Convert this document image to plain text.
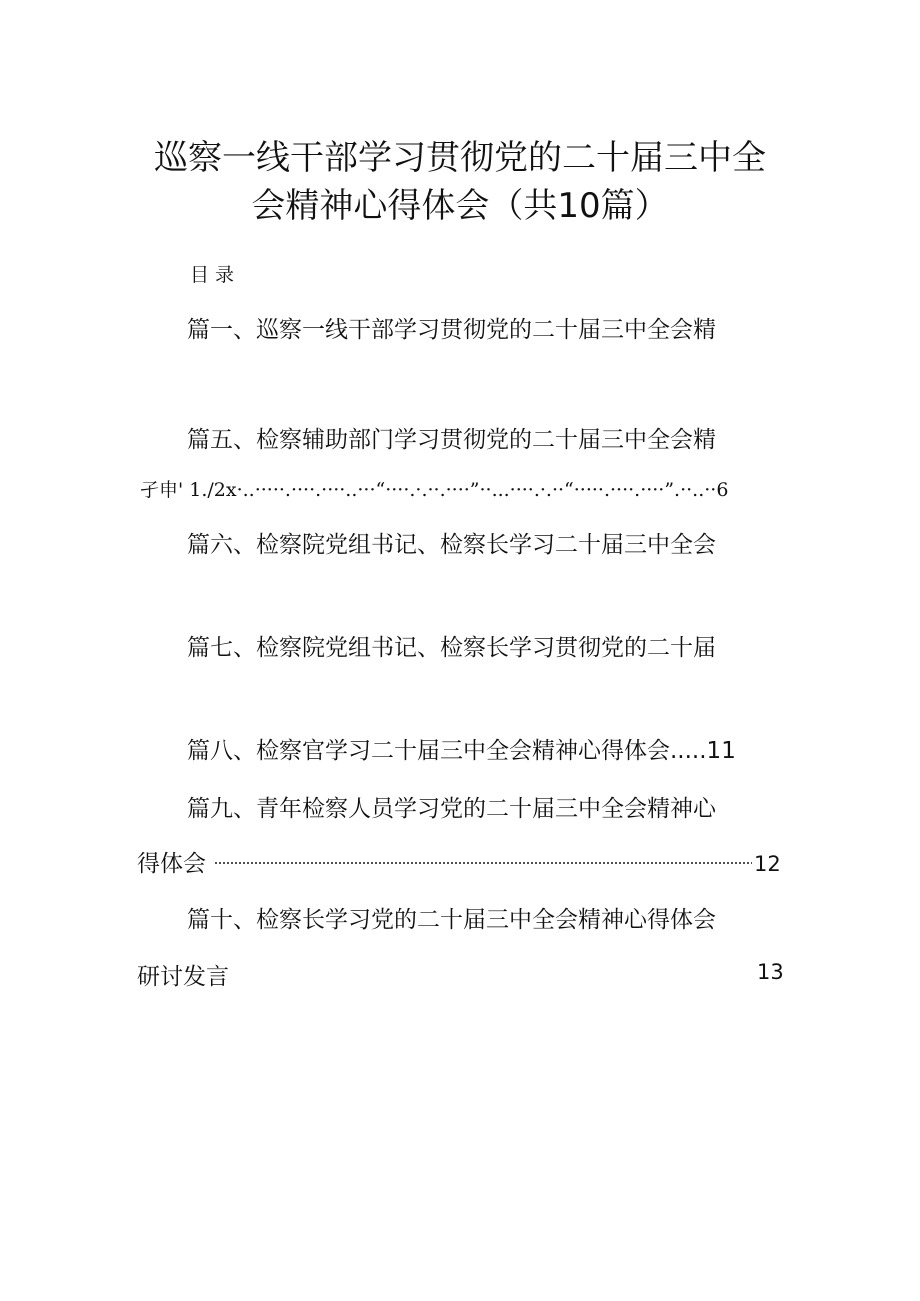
巡察一线干部学习贯彻党的二十届三中全
会精神心得体会（共10篇）
目录
篇一、巡察一线干部学习贯彻党的二十届三中全会精
篇五、检察辅助部门学习贯彻党的二十届三中全会精
孑申' 1./2x·..·····.····.····..···“····.·.··.····”··...····.·.··“·····.····.····”.··..··6
篇六、检察院党组书记、检察长学习二十届三中全会
篇七、检察院党组书记、检察长学习贯彻党的二十届
篇八、检察官学习二十届三中全会精神心得体会.....11
篇九、青年检察人员学习党的二十届三中全会精神心
得体会	12
篇十、检察长学习党的二十届三中全会精神心得体会
研讨发言	13
